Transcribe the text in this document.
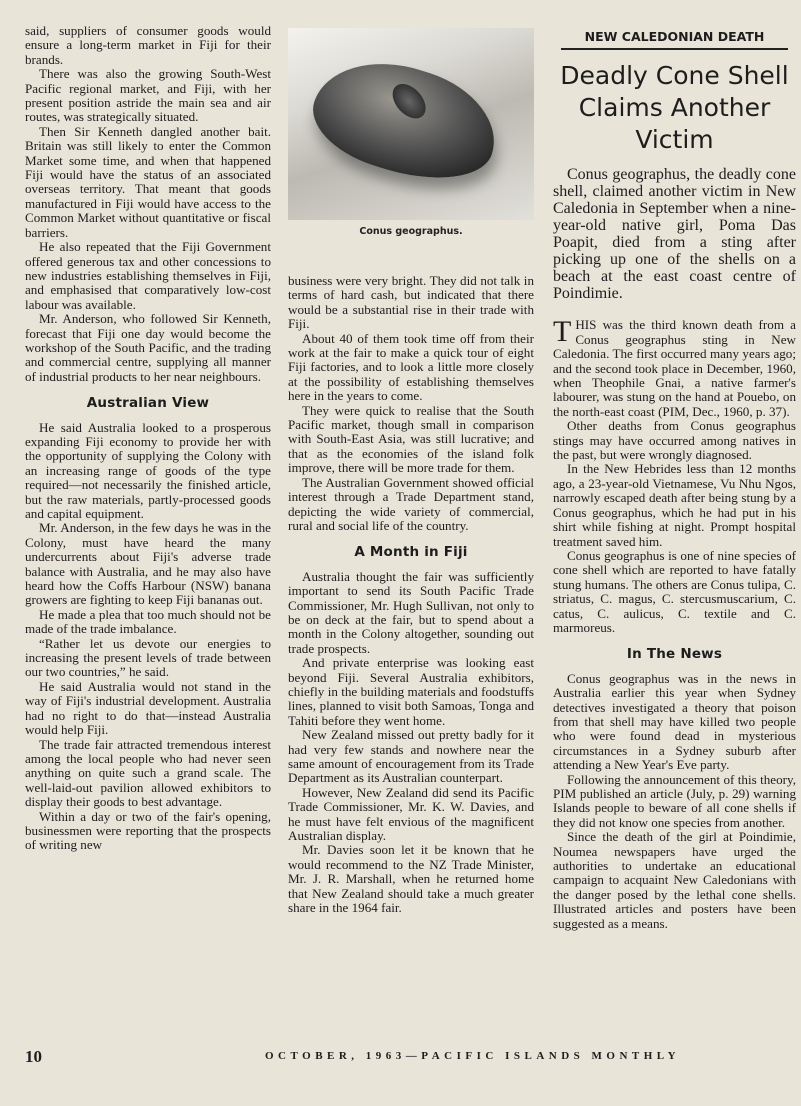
said, suppliers of consumer goods would ensure a long-term market in Fiji for their brands.

There was also the growing South-West Pacific regional market, and Fiji, with her present position astride the main sea and air routes, was strategically situated.

Then Sir Kenneth dangled another bait. Britain was still likely to enter the Common Market some time, and when that happened Fiji would have the status of an associated overseas territory. That meant that goods manufactured in Fiji would have access to the Common Market without quantitative or fiscal barriers.

He also repeated that the Fiji Government offered generous tax and other concessions to new industries establishing themselves in Fiji, and emphasised that comparatively low-cost labour was available.

Mr. Anderson, who followed Sir Kenneth, forecast that Fiji one day would become the workshop of the South Pacific, and the trading and commercial centre, supplying all manner of industrial products to her near neighbours.

Australian View

He said Australia looked to a prosperous expanding Fiji economy to provide her with the opportunity of supplying the Colony with an increasing range of goods of the type required—not necessarily the finished article, but the raw materials, partly-processed goods and capital equipment.

Mr. Anderson, in the few days he was in the Colony, must have heard the many undercurrents about Fiji's adverse trade balance with Australia, and he may also have heard how the Coffs Harbour (NSW) banana growers are fighting to keep Fiji bananas out.

He made a plea that too much should not be made of the trade imbalance.

“Rather let us devote our energies to increasing the present levels of trade between our two countries,” he said.

He said Australia would not stand in the way of Fiji's industrial development. Australia had no right to do that—instead Australia would help Fiji.

The trade fair attracted tremendous interest among the local people who had never seen anything on quite such a grand scale. The well-laid-out pavilion allowed exhibitors to display their goods to best advantage.

Within a day or two of the fair's opening, businessmen were reporting that the prospects of writing new

Conus geographus.

business were very bright. They did not talk in terms of hard cash, but indicated that there would be a substantial rise in their trade with Fiji.

About 40 of them took time off from their work at the fair to make a quick tour of eight Fiji factories, and to look a little more closely at the possibility of establishing themselves here in the years to come.

They were quick to realise that the South Pacific market, though small in comparison with South-East Asia, was still lucrative; and that as the economies of the island folk improve, there will be more trade for them.

The Australian Government showed official interest through a Trade Department stand, depicting the wide variety of commercial, rural and social life of the country.

A Month in Fiji

Australia thought the fair was sufficiently important to send its South Pacific Trade Commissioner, Mr. Hugh Sullivan, not only to be on deck at the fair, but to spend about a month in the Colony altogether, sounding out trade prospects.

And private enterprise was looking east beyond Fiji. Several Australia exhibitors, chiefly in the building materials and foodstuffs lines, planned to visit both Samoas, Tonga and Tahiti before they went home.

New Zealand missed out pretty badly for it had very few stands and nowhere near the same amount of encouragement from its Trade Department as its Australian counterpart.

However, New Zealand did send its Pacific Trade Commissioner, Mr. K. W. Davies, and he must have felt envious of the magnificent Australian display.

Mr. Davies soon let it be known that he would recommend to the NZ Trade Minister, Mr. J. R. Marshall, when he returned home that New Zealand should take a much greater share in the 1964 fair.

NEW CALEDONIAN DEATH
Deadly Cone Shell Claims Another Victim
Conus geographus, the deadly cone shell, claimed another victim in New Caledonia in September when a nine-year-old native girl, Poma Das Poapit, died from a sting after picking up one of the shells on a beach at the east coast centre of Poindimie.

THIS was the third known death from a Conus geographus sting in New Caledonia. The first occurred many years ago; and the second took place in December, 1960, when Theophile Gnai, a native farmer's labourer, was stung on the hand at Pouebo, on the north-east coast (PIM, Dec., 1960, p. 37).

Other deaths from Conus geographus stings may have occurred among natives in the past, but were wrongly diagnosed.

In the New Hebrides less than 12 months ago, a 23-year-old Vietnamese, Vu Nhu Ngos, narrowly escaped death after being stung by a Conus geographus, which he had put in his shirt while fishing at night. Prompt hospital treatment saved him.

Conus geographus is one of nine species of cone shell which are reported to have fatally stung humans. The others are Conus tulipa, C. striatus, C. magus, C. stercusmuscarium, C. catus, C. aulicus, C. textile and C. marmoreus.

In The News

Conus geographus was in the news in Australia earlier this year when Sydney detectives investigated a theory that poison from that shell may have killed two people who were found dead in mysterious circumstances in a Sydney suburb after attending a New Year's Eve party.

Following the announcement of this theory, PIM published an article (July, p. 29) warning Islands people to beware of all cone shells if they did not know one species from another.

Since the death of the girl at Poindimie, Noumea newspapers have urged the authorities to undertake an educational campaign to acquaint New Caledonians with the danger posed by the lethal cone shells. Illustrated articles and posters have been suggested as a means.

10	OCTOBER, 1963—PACIFIC ISLANDS MONTHLY
